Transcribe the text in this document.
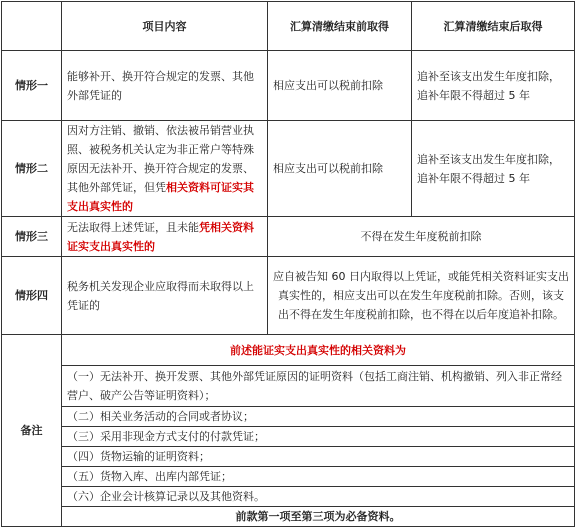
	项目内容	汇算清缴结束前取得	汇算清缴结束后取得
情形一	能够补开、换开符合规定的发票、其他外部凭证的	相应支出可以税前扣除	追补至该支出发生年度扣除，追补年限不得超过 5 年
情形二	因对方注销、撤销、依法被吊销营业执照、被税务机关认定为非正常户等特殊原因无法补开、换开符合规定的发票、其他外部凭证，但凭相关资料可证实其支出真实性的	相应支出可以税前扣除	追补至该支出发生年度扣除，追补年限不得超过 5 年
情形三	无法取得上述凭证，且未能凭相关资料证实支出真实性的	不得在发生年度税前扣除	
情形四	税务机关发现企业应取得而未取得以上凭证的	应自被告知 60 日内取得以上凭证，或能凭相关资料证实支出真实性的，相应支出可以在发生年度税前扣除。否则，该支出不得在发生年度税前扣除，也不得在以后年度追补扣除。	
备注	前述能证实支出真实性的相关资料为		
	（一）无法补开、换开发票、其他外部凭证原因的证明资料（包括工商注销、机构撤销、列入非正常经营户、破产公告等证明资料）；		
	（二）相关业务活动的合同或者协议；		
	（三）采用非现金方式支付的付款凭证；		
	（四）货物运输的证明资料；		
	（五）货物入库、出库内部凭证；		
	（六）企业会计核算记录以及其他资料。		
	前款第一项至第三项为必备资料。		
